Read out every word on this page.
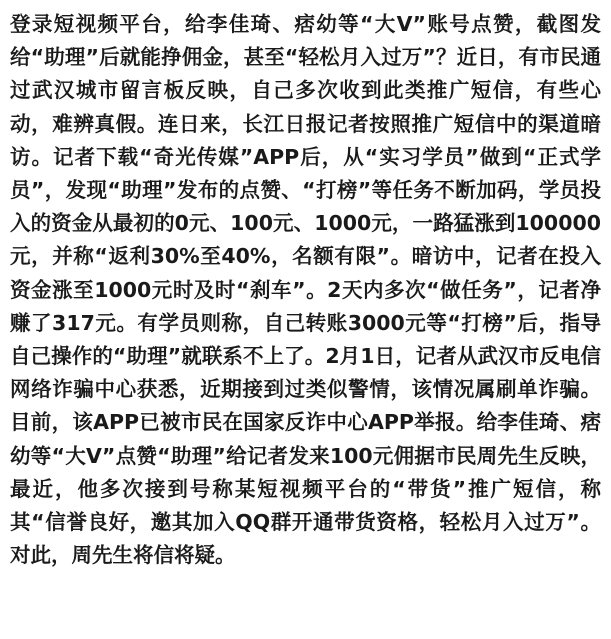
登录短视频平台，给李佳琦、痞幼等“大V”账号点赞，截图发给“助理”后就能挣佣金，甚至“轻松月入过万”？近日，有市民通过武汉城市留言板反映，自己多次收到此类推广短信，有些心动，难辨真假。连日来，长江日报记者按照推广短信中的渠道暗访。记者下载“奇光传媒”APP后，从“实习学员”做到“正式学员”，发现“助理”发布的点赞、“打榜”等任务不断加码，学员投入的资金从最初的0元、100元、1000元，一路猛涨到100000元，并称“返利30%至40%，名额有限”。暗访中，记者在投入资金涨至1000元时及时“刹车”。2天内多次“做任务”，记者净赚了317元。有学员则称，自己转账3000元等“打榜”后，指导自己操作的“助理”就联系不上了。2月1日，记者从武汉市反电信网络诈骗中心获悉，近期接到过类似警情，该情况属刷单诈骗。目前，该APP已被市民在国家反诈中心APP举报。给李佳琦、痞幼等“大V”点赞“助理”给记者发来100元佣据市民周先生反映，最近，他多次接到号称某短视频平台的“带货”推广短信，称其“信誉良好，邀其加入QQ群开通带货资格，轻松月入过万”。对此，周先生将信将疑。
